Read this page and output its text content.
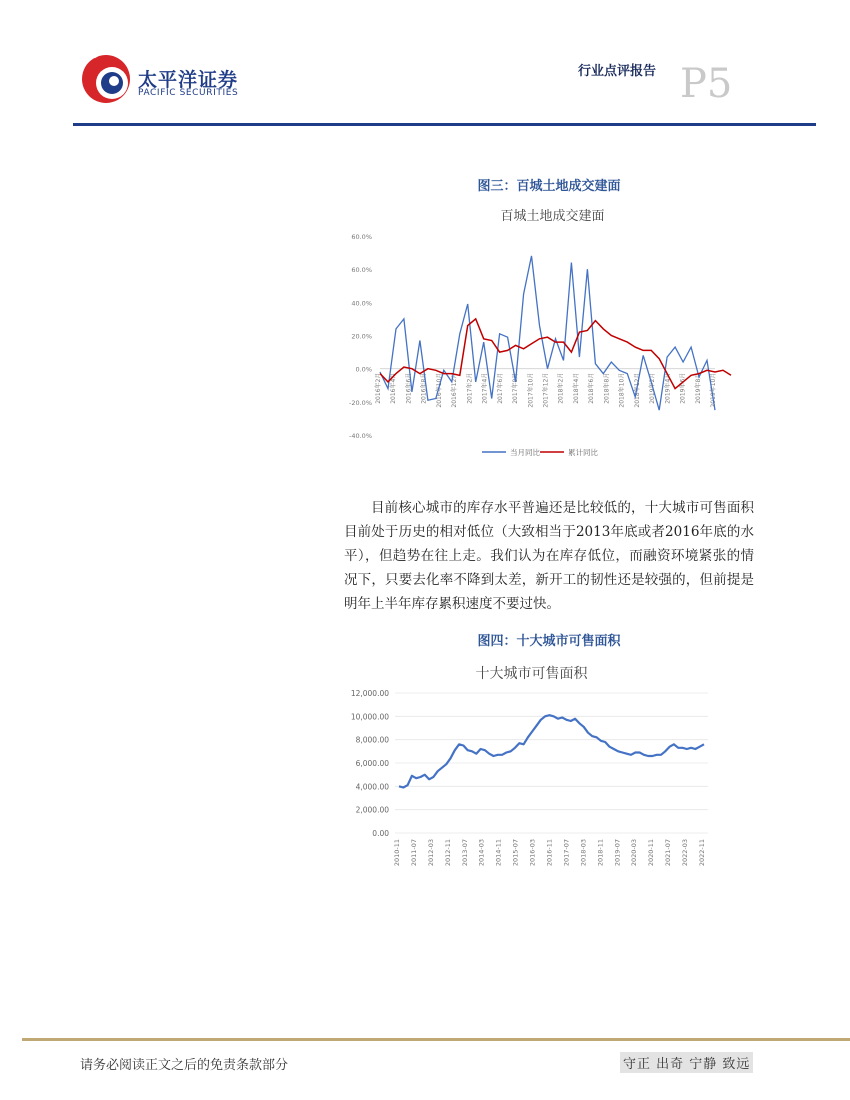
太平洋证券
PACIFIC SECURITIES
行业点评报告 P5
图三：百城土地成交建面
百城土地成交建面
60.0%
60.0%
40.0%
20.0%
0.0%
-20.0%
-40.0%
2016年2月 2016年4月 2016年6月 2016年8月 2016年10月 2016年12月 2017年2月 2017年4月 2017年6月 2017年8月 2017年10月 2017年12月 2018年2月 2018年4月 2018年6月 2018年8月 2018年10月 2018年12月 2019年2月 2019年4月 2019年6月 2019年8月 2019年10月
当月同比	累计同比
目前核心城市的库存水平普遍还是比较低的，十大城市可售面积目前处于历史的相对低位（大致相当于2013年底或者2016年底的水平），但趋势在往上走。我们认为在库存低位，而融资环境紧张的情况下，只要去化率不降到太差，新开工的韧性还是较强的，但前提是明年上半年库存累积速度不要过快。
图四：十大城市可售面积
十大城市可售面积
12,000.00
10,000.00
8,000.00
6,000.00
4,000.00
2,000.00
0.00
2010-11 2011-07 2012-03 2012-11 2013-07 2014-03 2014-11 2015-07 2016-03 2016-11 2017-07 2018-03 2018-11 2019-07 2020-03 2020-11 2021-07 2022-03 2022-11
请务必阅读正文之后的免责条款部分	守正 出奇 宁静 致远
